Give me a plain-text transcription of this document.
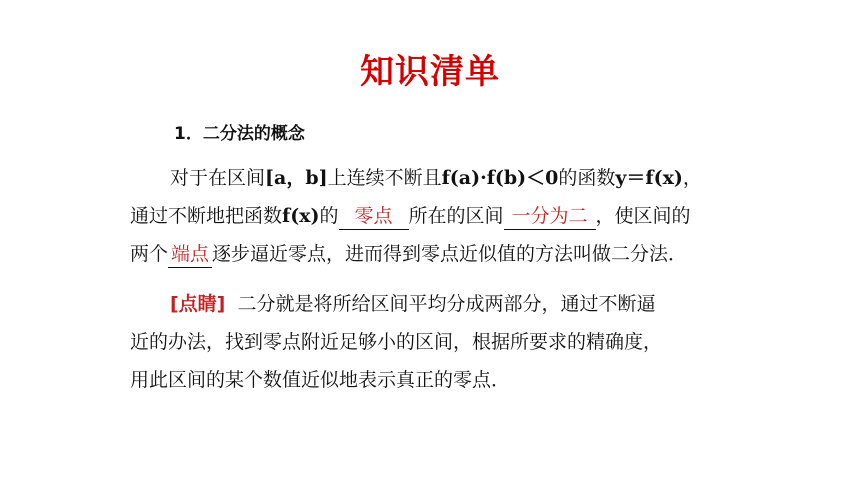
知识清单
1．二分法的概念
对于在区间[a，b]上连续不断且f(a)·f(b)＜0的函数y＝f(x)，
通过不断地把函数f(x)的 零点 所在的区间 一分为二 ，使区间的
两个 端点 逐步逼近零点，进而得到零点近似值的方法叫做二分法．
[点睛] 二分就是将所给区间平均分成两部分，通过不断逼
近的办法，找到零点附近足够小的区间，根据所要求的精确度，
用此区间的某个数值近似地表示真正的零点．
